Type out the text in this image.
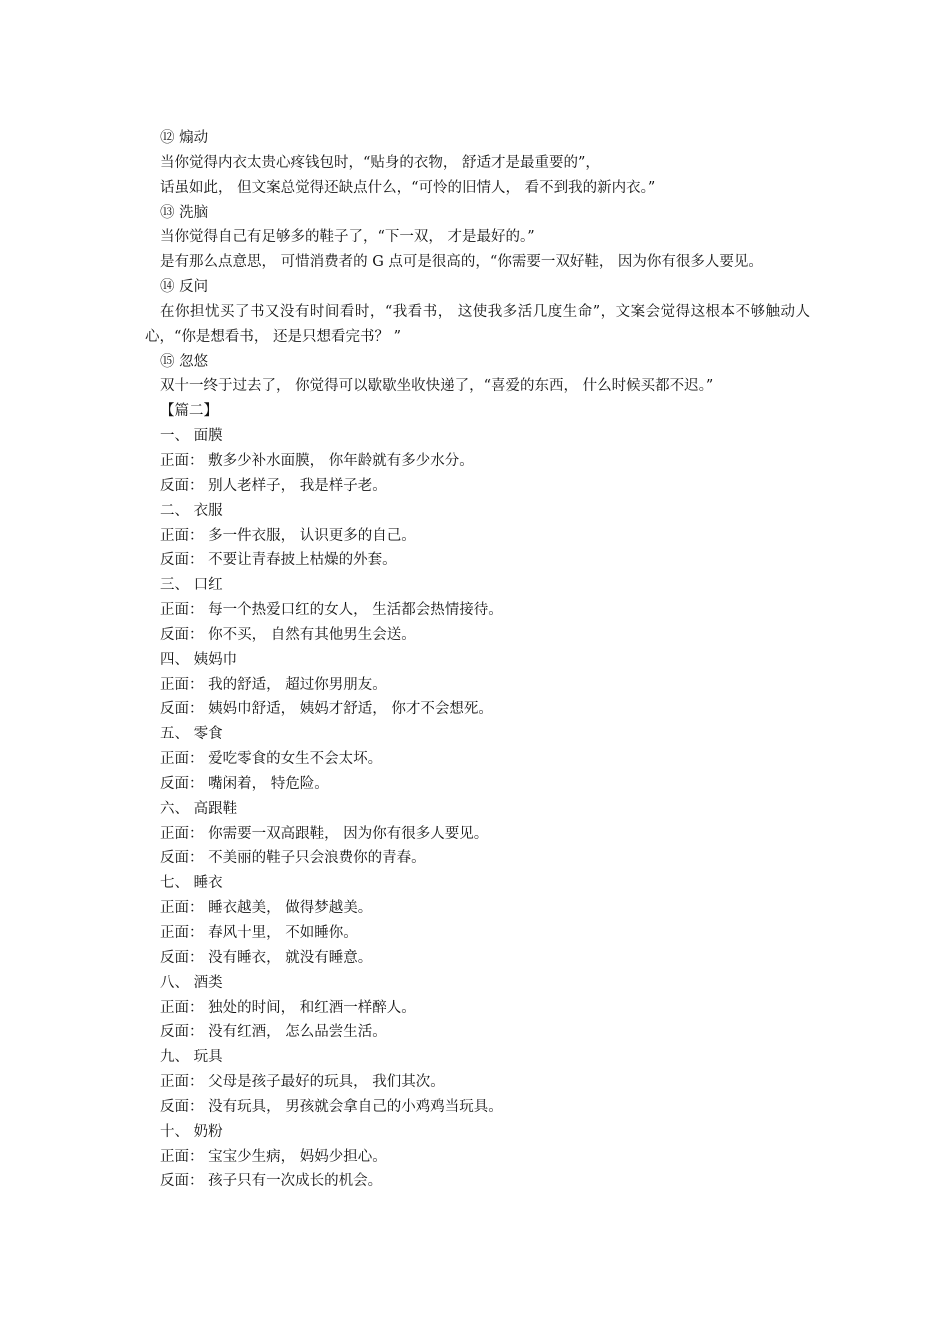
⑫ 煽动
当你觉得内衣太贵心疼钱包时，“贴身的衣物， 舒适才是最重要的”，
话虽如此， 但文案总觉得还缺点什么，“可怜的旧情人， 看不到我的新内衣。”
⑬ 洗脑
当你觉得自己有足够多的鞋子了，“下一双， 才是最好的。”
是有那么点意思， 可惜消费者的 G 点可是很高的，“你需要一双好鞋， 因为你有很多人要见。
⑭ 反问
在你担忧买了书又没有时间看时，“我看书， 这使我多活几度生命”，文案会觉得这根本不够触动人心，“你是想看书， 还是只想看完书？ ”
⑮ 忽悠
双十一终于过去了， 你觉得可以歇歇坐收快递了，“喜爱的东西， 什么时候买都不迟。”
【篇二】
一、 面膜
正面： 敷多少补水面膜， 你年龄就有多少水分。
反面： 别人老样子， 我是样子老。
二、 衣服
正面： 多一件衣服， 认识更多的自己。
反面： 不要让青春披上枯燥的外套。
三、 口红
正面： 每一个热爱口红的女人， 生活都会热情接待。
反面： 你不买， 自然有其他男生会送。
四、 姨妈巾
正面： 我的舒适， 超过你男朋友。
反面： 姨妈巾舒适， 姨妈才舒适， 你才不会想死。
五、 零食
正面： 爱吃零食的女生不会太坏。
反面： 嘴闲着， 特危险。
六、 高跟鞋
正面： 你需要一双高跟鞋， 因为你有很多人要见。
反面： 不美丽的鞋子只会浪费你的青春。
七、 睡衣
正面： 睡衣越美， 做得梦越美。
正面： 春风十里， 不如睡你。
反面： 没有睡衣， 就没有睡意。
八、 酒类
正面： 独处的时间， 和红酒一样醉人。
反面： 没有红酒， 怎么品尝生活。
九、 玩具
正面： 父母是孩子最好的玩具， 我们其次。
反面： 没有玩具， 男孩就会拿自己的小鸡鸡当玩具。
十、 奶粉
正面： 宝宝少生病， 妈妈少担心。
反面： 孩子只有一次成长的机会。
